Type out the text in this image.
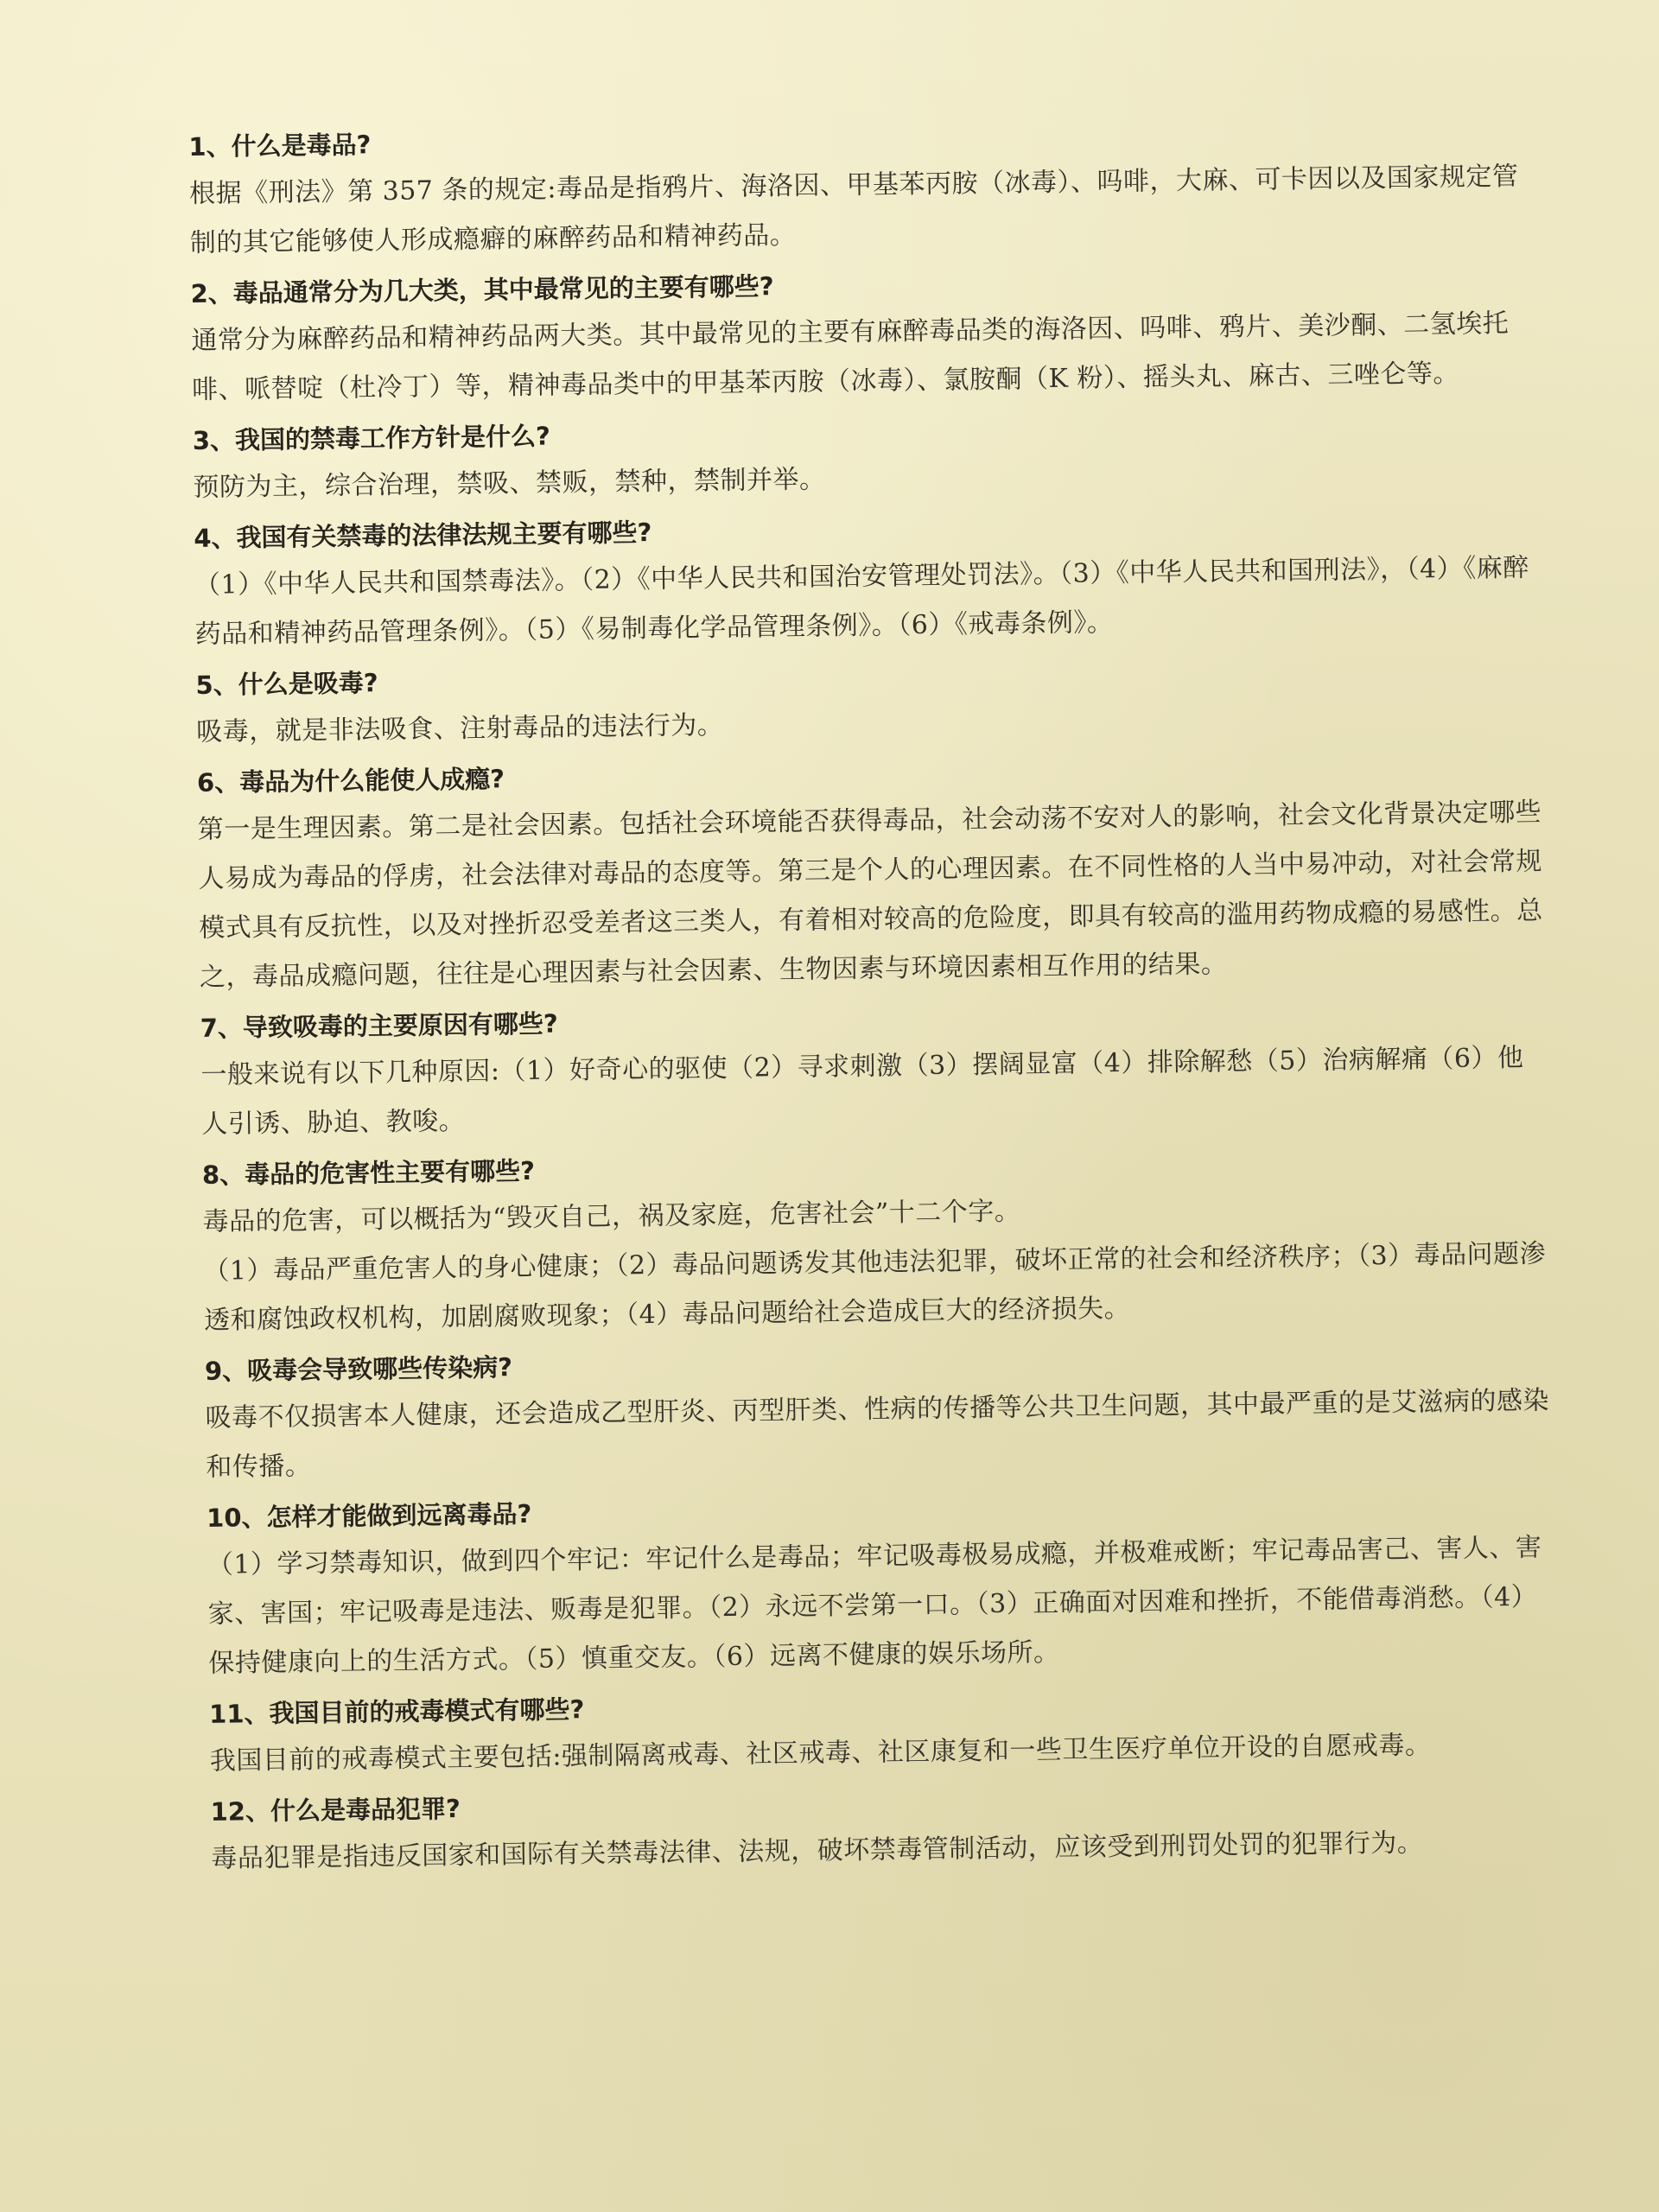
1、什么是毒品?

根据《刑法》第 357 条的规定:毒品是指鸦片、海洛因、甲基苯丙胺（冰毒）、吗啡，大麻、可卡因以及国家规定管制的其它能够使人形成瘾癖的麻醉药品和精神药品。

2、毒品通常分为几大类，其中最常见的主要有哪些?

通常分为麻醉药品和精神药品两大类。其中最常见的主要有麻醉毒品类的海洛因、吗啡、鸦片、美沙酮、二氢埃托啡、哌替啶（杜冷丁）等，精神毒品类中的甲基苯丙胺（冰毒）、氯胺酮（K 粉）、摇头丸、麻古、三唑仑等。

3、我国的禁毒工作方针是什么?

预防为主，综合治理，禁吸、禁贩，禁种，禁制并举。

4、我国有关禁毒的法律法规主要有哪些?

（1）《中华人民共和国禁毒法》。（2）《中华人民共和国治安管理处罚法》。（3）《中华人民共和国刑法》，（4）《麻醉药品和精神药品管理条例》。（5）《易制毒化学品管理条例》。（6）《戒毒条例》。

5、什么是吸毒?

吸毒，就是非法吸食、注射毒品的违法行为。

6、毒品为什么能使人成瘾?

第一是生理因素。第二是社会因素。包括社会环境能否获得毒品，社会动荡不安对人的影响，社会文化背景决定哪些人易成为毒品的俘虏，社会法律对毒品的态度等。第三是个人的心理因素。在不同性格的人当中易冲动，对社会常规模式具有反抗性，以及对挫折忍受差者这三类人，有着相对较高的危险度，即具有较高的滥用药物成瘾的易感性。总之，毒品成瘾问题，往往是心理因素与社会因素、生物因素与环境因素相互作用的结果。

7、导致吸毒的主要原因有哪些?

一般来说有以下几种原因:（1）好奇心的驱使（2）寻求刺激（3）摆阔显富（4）排除解愁（5）治病解痛（6）他人引诱、胁迫、教唆。

8、毒品的危害性主要有哪些?

毒品的危害，可以概括为“毁灭自己，祸及家庭，危害社会”十二个字。

（1）毒品严重危害人的身心健康；（2）毒品问题诱发其他违法犯罪，破坏正常的社会和经济秩序；（3）毒品问题渗透和腐蚀政权机构，加剧腐败现象；（4）毒品问题给社会造成巨大的经济损失。

9、吸毒会导致哪些传染病?

吸毒不仅损害本人健康，还会造成乙型肝炎、丙型肝类、性病的传播等公共卫生问题，其中最严重的是艾滋病的感染和传播。

10、怎样才能做到远离毒品?

（1）学习禁毒知识，做到四个牢记：牢记什么是毒品；牢记吸毒极易成瘾，并极难戒断；牢记毒品害己、害人、害家、害国；牢记吸毒是违法、贩毒是犯罪。（2）永远不尝第一口。（3）正确面对因难和挫折，不能借毒消愁。（4）保持健康向上的生活方式。（5）慎重交友。（6）远离不健康的娱乐场所。

11、我国目前的戒毒模式有哪些?

我国目前的戒毒模式主要包括:强制隔离戒毒、社区戒毒、社区康复和一些卫生医疗单位开设的自愿戒毒。

12、什么是毒品犯罪?

毒品犯罪是指违反国家和国际有关禁毒法律、法规，破坏禁毒管制活动，应该受到刑罚处罚的犯罪行为。
